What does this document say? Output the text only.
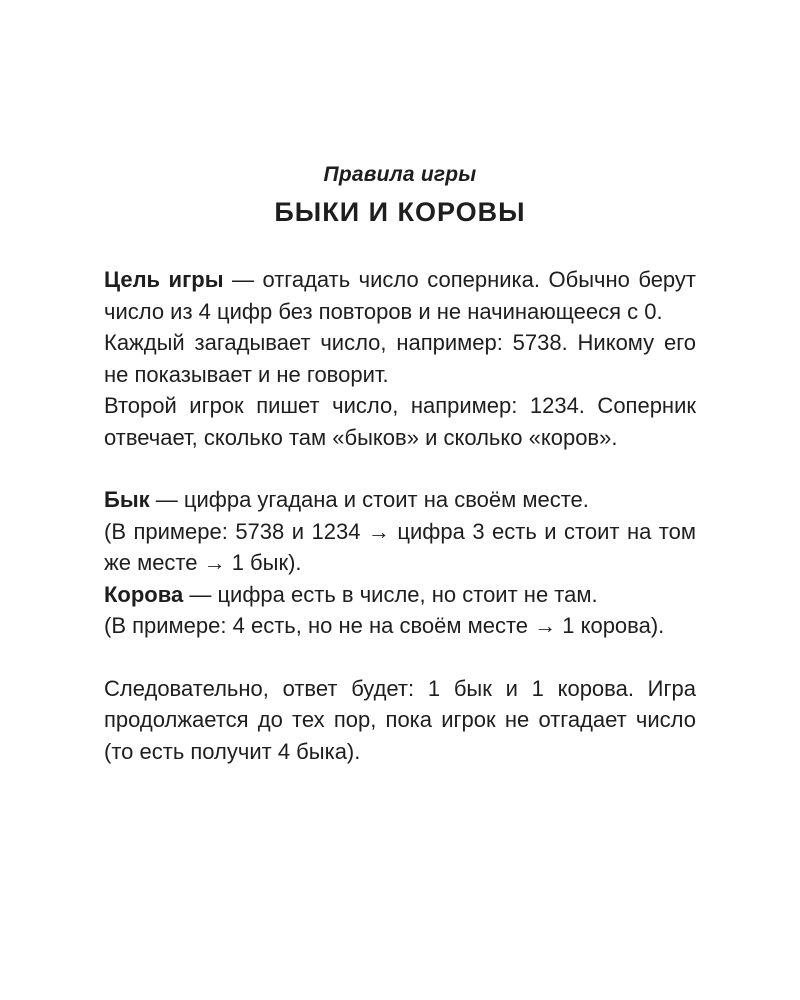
Правила игры
БЫКИ И КОРОВЫ

Цель игры — отгадать число соперника. Обычно берут число из 4 цифр без повторов и не начинающееся с 0.

Каждый загадывает число, например: 5738. Никому его не показывает и не говорит.

Второй игрок пишет число, например: 1234. Соперник отвечает, сколько там «быков» и сколько «коров».

Бык — цифра угадана и стоит на своём месте.

(В примере: 5738 и 1234 → цифра 3 есть и стоит на том же месте → 1 бык).

Корова — цифра есть в числе, но стоит не там.

(В примере: 4 есть, но не на своём месте → 1 корова).

Следовательно, ответ будет: 1 бык и 1 корова. Игра продолжается до тех пор, пока игрок не отгадает число (то есть получит 4 быка).
